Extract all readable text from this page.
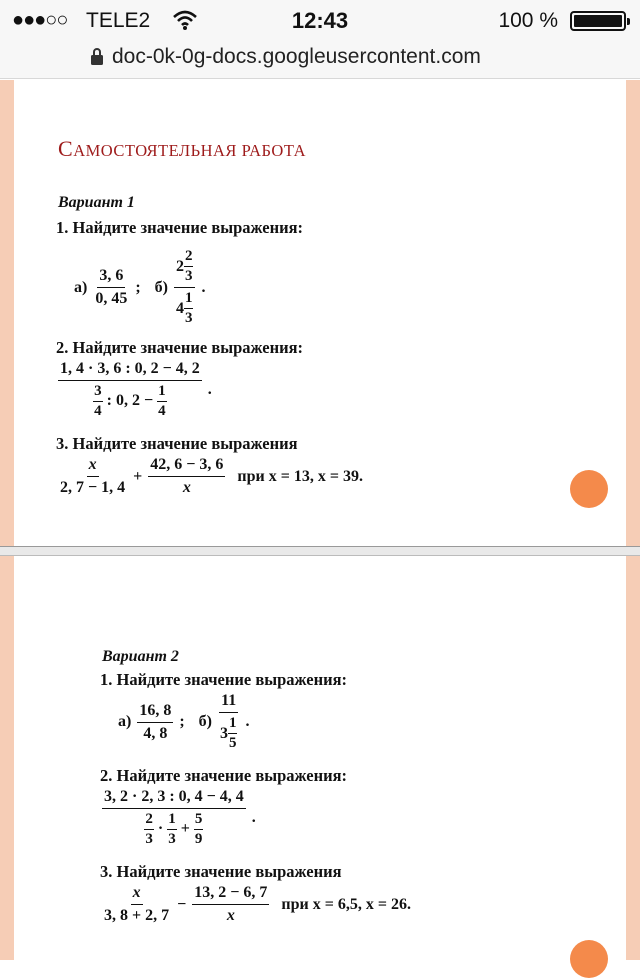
●●●○○ TELE2	12:43	100 %
doc-0k-0g-docs.googleusercontent.com
САМОСТОЯТЕЛЬНАЯ РАБОТА
Вариант 1
1. Найдите значение выражения:
$а) \frac{3, 6}{0, 45}$ ; б) 2
2
3
4
1
3 .
2. Найдите значение выражения:
$\frac{1, 4 \cdot 3, 6 : 0, 2 - 4, 2}{\frac{3}{4} : 0, 2 - \frac{1}{4}}$ .
3. Найдите значение выражения
$\frac{x}{2, 7 - 1, 4} + \frac{42, 6 - 3, 6}{x}$ при x = 13, x = 39.
Вариант 2
1. Найдите значение выражения:
$а) \frac{16, 8}{4, 8}$ ; б) 11
3
1
5 .
2. Найдите значение выражения:
$\frac{3, 2 \cdot 2, 3 : 0, 4 - 4, 4}{\frac{2}{3} \cdot \frac{1}{3} + \frac{5}{9}}$ .
3. Найдите значение выражения
$\frac{x}{3, 8 + 2, 7} - \frac{13, 2 - 6, 7}{x}$ при x = 6,5, x = 26.
